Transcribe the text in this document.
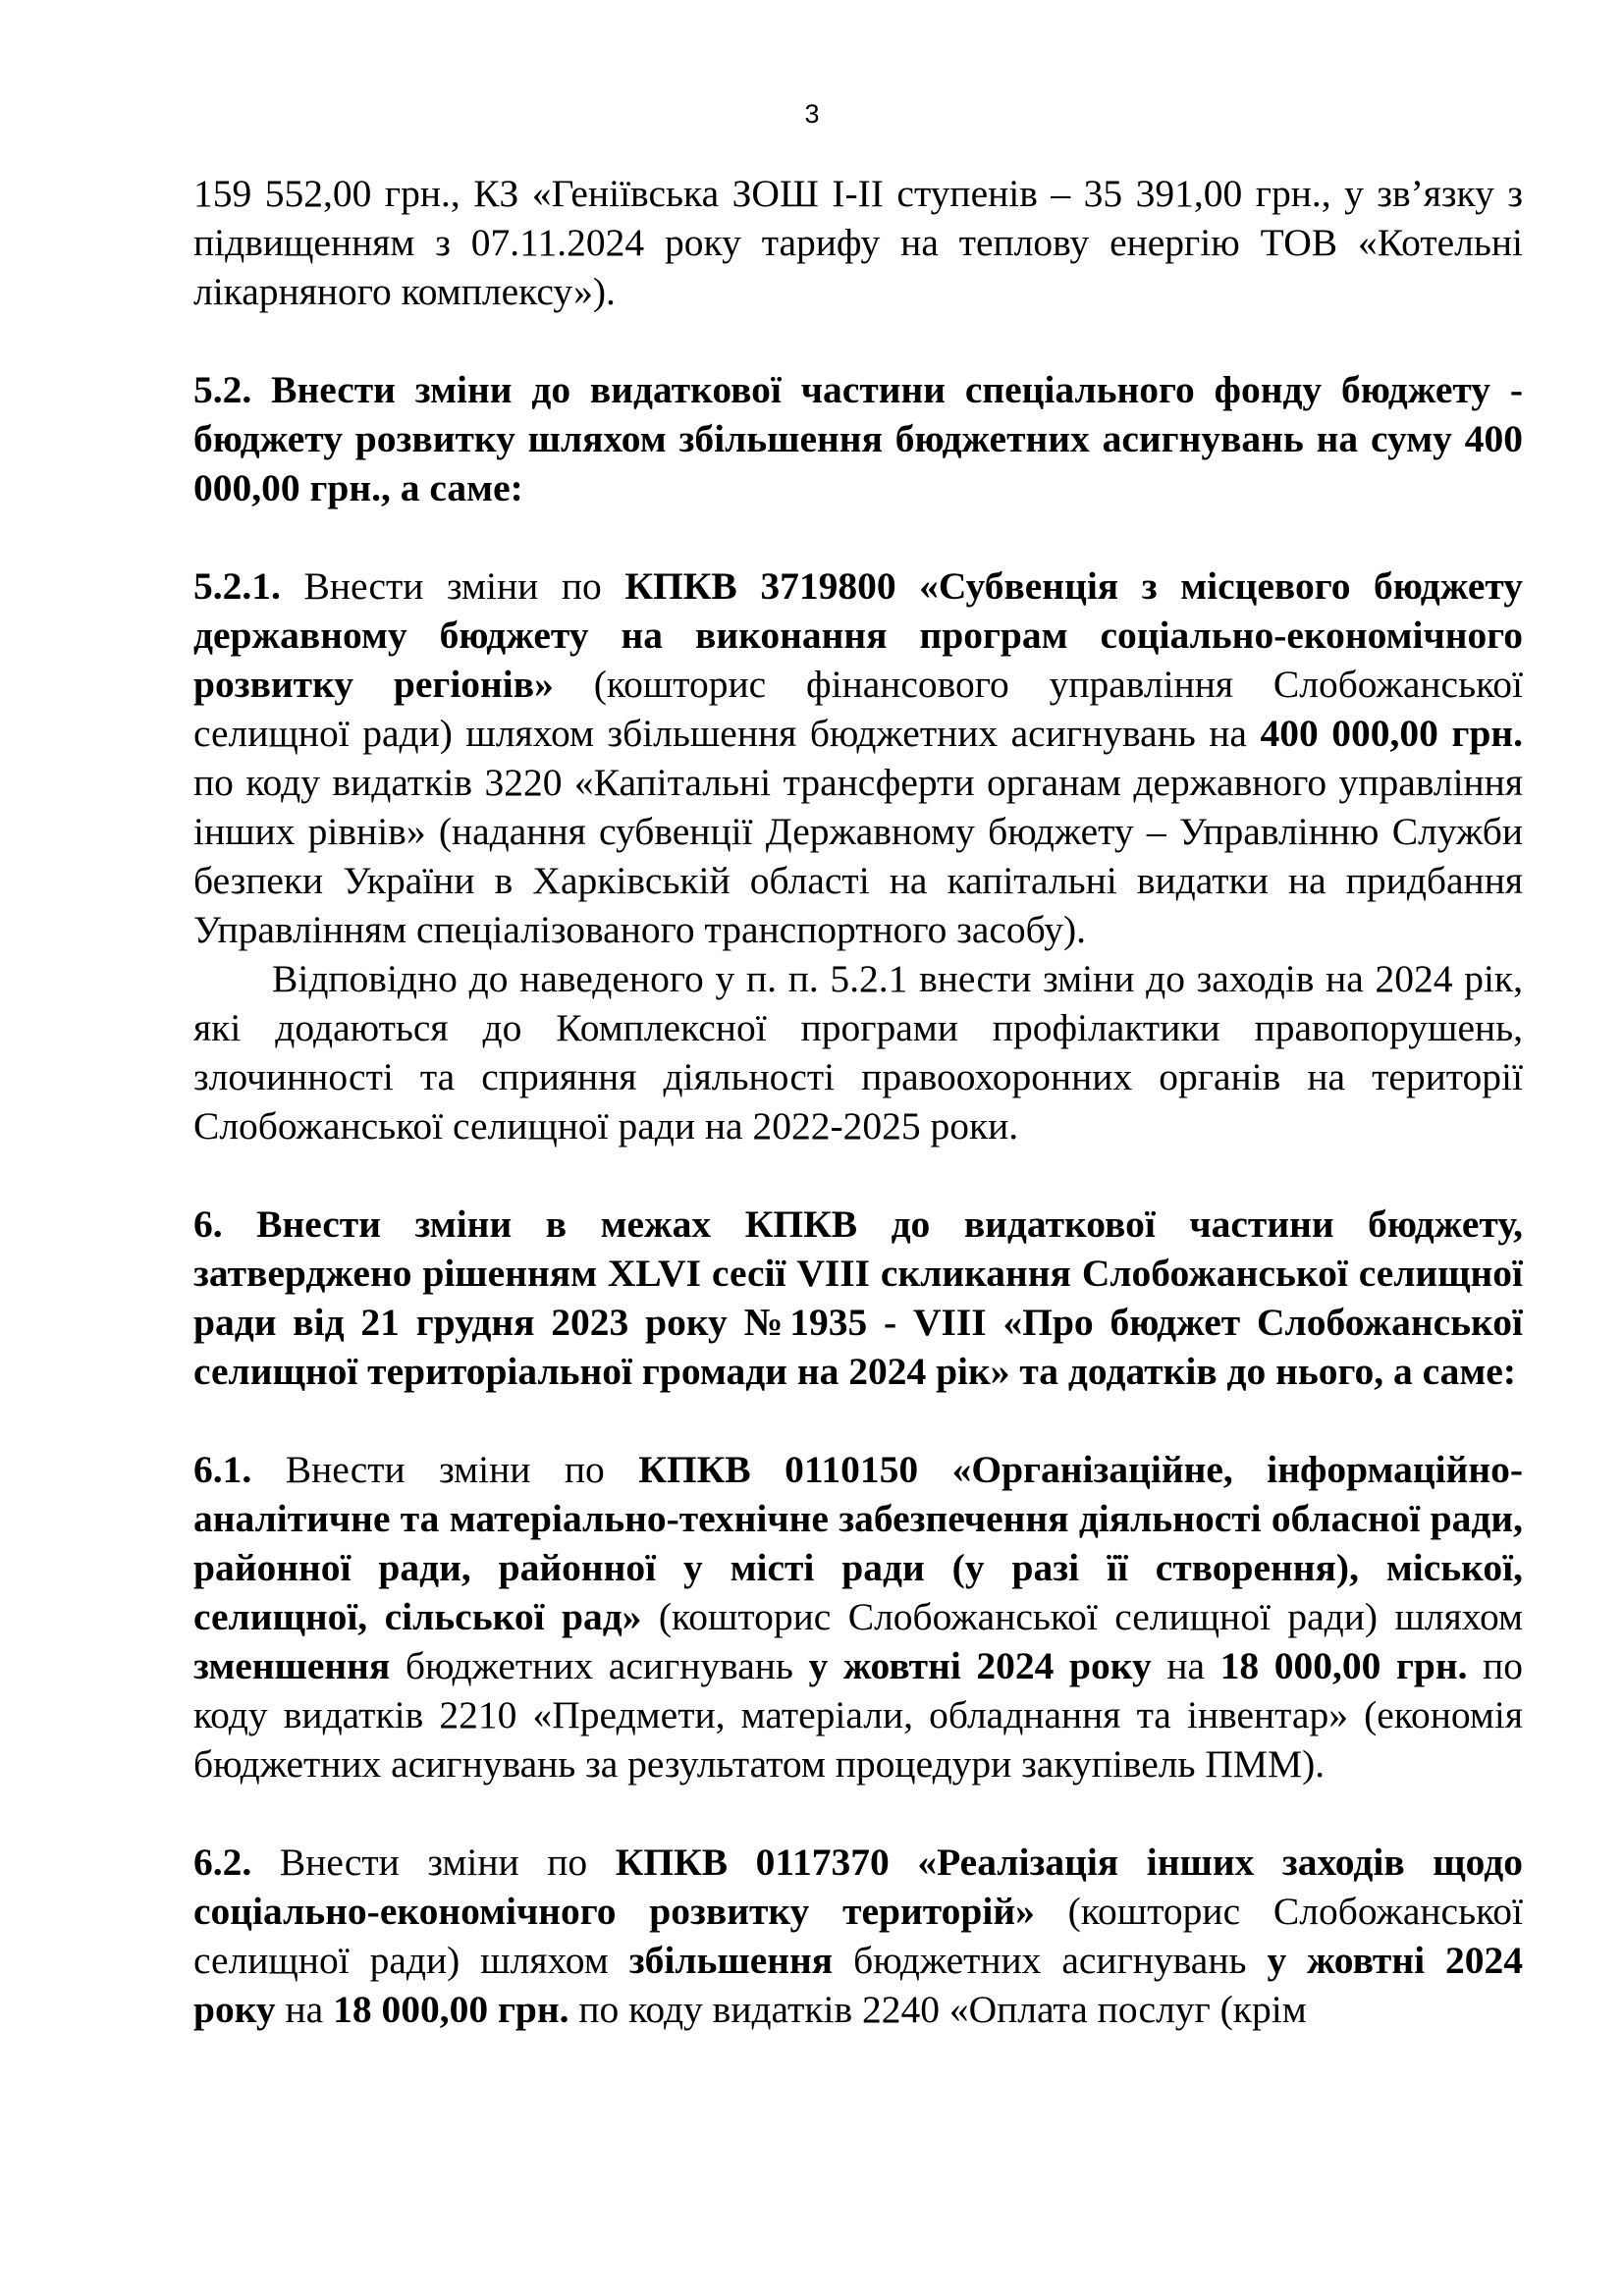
3

159 552,00 грн., КЗ «Геніївська ЗОШ І-ІІ ступенів – 35 391,00 грн., у зв’язку з підвищенням з 07.11.2024 року тарифу на теплову енергію ТОВ «Котельні лікарняного комплексу»).

5.2. Внести зміни до видаткової частини спеціального фонду бюджету - бюджету розвитку шляхом збільшення бюджетних асигнувань на суму 400 000,00 грн., а саме:

5.2.1. Внести зміни по КПКВ 3719800 «Субвенція з місцевого бюджету державному бюджету на виконання програм соціально-економічного розвитку регіонів» (кошторис фінансового управління Слобожанської селищної ради) шляхом збільшення бюджетних асигнувань на 400 000,00 грн. по коду видатків 3220 «Капітальні трансферти органам державного управління інших рівнів» (надання субвенції Державному бюджету – Управлінню Служби безпеки України в Харківській області на капітальні видатки на придбання Управлінням спеціалізованого транспортного засобу).

Відповідно до наведеного у п. п. 5.2.1 внести зміни до заходів на 2024 рік, які додаються до Комплексної програми профілактики правопорушень, злочинності та сприяння діяльності правоохоронних органів на території Слобожанської селищної ради на 2022-2025 роки.

6. Внести зміни в межах КПКВ до видаткової частини бюджету, затверджено рішенням XLVI сесії VIII скликання Слобожанської селищної ради від 21 грудня 2023 року №1935 - VIII «Про бюджет Слобожанської селищної територіальної громади на 2024 рік» та додатків до нього, а саме:

6.1. Внести зміни по КПКВ 0110150 «Організаційне, інформаційно-аналітичне та матеріально-технічне забезпечення діяльності обласної ради, районної ради, районної у місті ради (у разі її створення), міської, селищної, сільської рад» (кошторис Слобожанської селищної ради) шляхом зменшення бюджетних асигнувань у жовтні 2024 року на 18 000,00 грн. по коду видатків 2210 «Предмети, матеріали, обладнання та інвентар» (економія бюджетних асигнувань за результатом процедури закупівель ПММ).

6.2. Внести зміни по КПКВ 0117370 «Реалізація інших заходів щодо соціально-економічного розвитку територій» (кошторис Слобожанської селищної ради) шляхом збільшення бюджетних асигнувань у жовтні 2024 року на 18 000,00 грн. по коду видатків 2240 «Оплата послуг (крім
